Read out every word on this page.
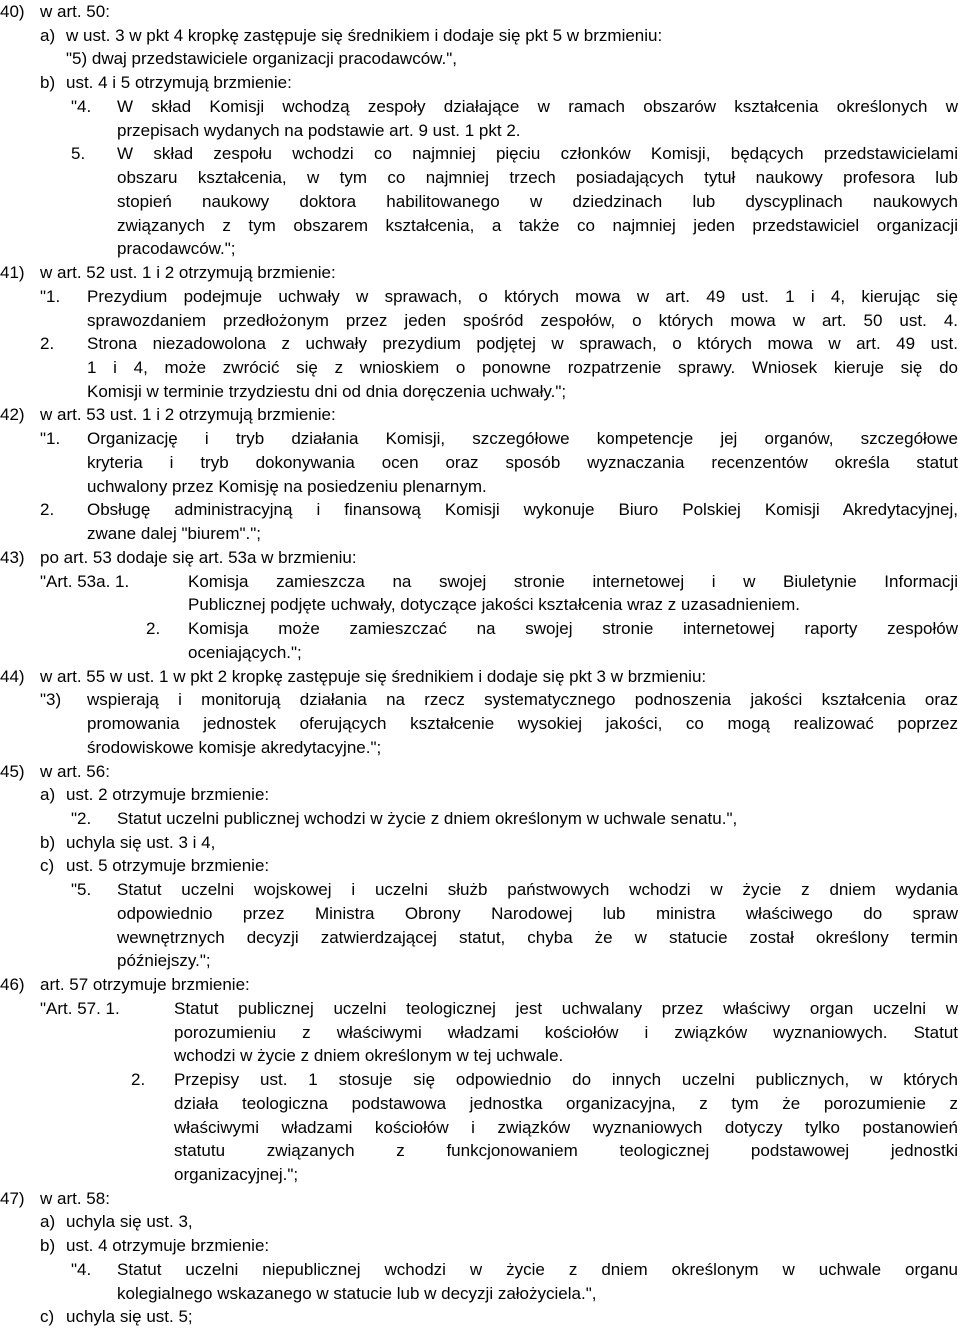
40) w art. 50:
a) w ust. 3 w pkt 4 kropkę zastępuje się średnikiem i dodaje się pkt 5 w brzmieniu:
"5) dwaj przedstawiciele organizacji pracodawców.",
b) ust. 4 i 5 otrzymują brzmienie:
"4. W skład Komisji wchodzą zespoły działające w ramach obszarów kształcenia określonych w
przepisach wydanych na podstawie art. 9 ust. 1 pkt 2.
5. W skład zespołu wchodzi co najmniej pięciu członków Komisji, będących przedstawicielami
obszaru kształcenia, w tym co najmniej trzech posiadających tytuł naukowy profesora lub
stopień naukowy doktora habilitowanego w dziedzinach lub dyscyplinach naukowych
związanych z tym obszarem kształcenia, a także co najmniej jeden przedstawiciel organizacji
pracodawców.";
41) w art. 52 ust. 1 i 2 otrzymują brzmienie:
"1. Prezydium podejmuje uchwały w sprawach, o których mowa w art. 49 ust. 1 i 4, kierując się
sprawozdaniem przedłożonym przez jeden spośród zespołów, o których mowa w art. 50 ust. 4.
2. Strona niezadowolona z uchwały prezydium podjętej w sprawach, o których mowa w art. 49 ust.
1 i 4, może zwrócić się z wnioskiem o ponowne rozpatrzenie sprawy. Wniosek kieruje się do
Komisji w terminie trzydziestu dni od dnia doręczenia uchwały.";
42) w art. 53 ust. 1 i 2 otrzymują brzmienie:
"1. Organizację i tryb działania Komisji, szczegółowe kompetencje jej organów, szczegółowe
kryteria i tryb dokonywania ocen oraz sposób wyznaczania recenzentów określa statut
uchwalony przez Komisję na posiedzeniu plenarnym.
2. Obsługę administracyjną i finansową Komisji wykonuje Biuro Polskiej Komisji Akredytacyjnej,
zwane dalej "biurem".";
43) po art. 53 dodaje się art. 53a w brzmieniu:
"Art. 53a. 1.	Komisja zamieszcza na swojej stronie internetowej i w Biuletynie Informacji
Publicznej podjęte uchwały, dotyczące jakości kształcenia wraz z uzasadnieniem.
2. Komisja może zamieszczać na swojej stronie internetowej raporty zespołów
oceniających.";
44) w art. 55 w ust. 1 w pkt 2 kropkę zastępuje się średnikiem i dodaje się pkt 3 w brzmieniu:
"3) wspierają i monitorują działania na rzecz systematycznego podnoszenia jakości kształcenia oraz
promowania jednostek oferujących kształcenie wysokiej jakości, co mogą realizować poprzez
środowiskowe komisje akredytacyjne.";
45) w art. 56:
a) ust. 2 otrzymuje brzmienie:
"2. Statut uczelni publicznej wchodzi w życie z dniem określonym w uchwale senatu.",
b) uchyla się ust. 3 i 4,
c) ust. 5 otrzymuje brzmienie:
"5. Statut uczelni wojskowej i uczelni służb państwowych wchodzi w życie z dniem wydania
odpowiednio przez Ministra Obrony Narodowej lub ministra właściwego do spraw
wewnętrznych decyzji zatwierdzającej statut, chyba że w statucie został określony termin
późniejszy.";
46) art. 57 otrzymuje brzmienie:
"Art. 57. 1.	Statut publicznej uczelni teologicznej jest uchwalany przez właściwy organ uczelni w
porozumieniu z właściwymi władzami kościołów i związków wyznaniowych. Statut
wchodzi w życie z dniem określonym w tej uchwale.
2. Przepisy ust. 1 stosuje się odpowiednio do innych uczelni publicznych, w których
działa teologiczna podstawowa jednostka organizacyjna, z tym że porozumienie z
właściwymi władzami kościołów i związków wyznaniowych dotyczy tylko postanowień
statutu związanych z funkcjonowaniem teologicznej podstawowej jednostki
organizacyjnej.";
47) w art. 58:
a) uchyla się ust. 3,
b) ust. 4 otrzymuje brzmienie:
"4. Statut uczelni niepublicznej wchodzi w życie z dniem określonym w uchwale organu
kolegialnego wskazanego w statucie lub w decyzji założyciela.",
c) uchyla się ust. 5;
